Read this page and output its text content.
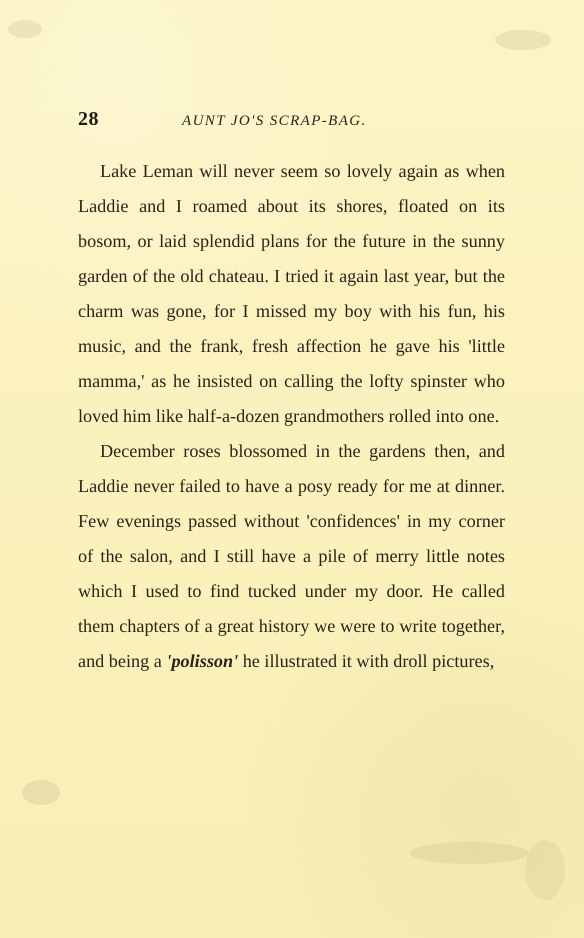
28	AUNT JO'S SCRAP-BAG.

Lake Leman will never seem so lovely again as when Laddie and I roamed about its shores, floated on its bosom, or laid splendid plans for the future in the sunny garden of the old chateau. I tried it again last year, but the charm was gone, for I missed my boy with his fun, his music, and the frank, fresh affection he gave his 'little mamma,' as he insisted on calling the lofty spinster who loved him like half-a-dozen grandmothers rolled into one.

December roses blossomed in the gardens then, and Laddie never failed to have a posy ready for me at dinner. Few evenings passed without 'confidences' in my corner of the salon, and I still have a pile of merry little notes which I used to find tucked under my door. He called them chapters of a great history we were to write together, and being a 'polisson' he illustrated it with droll pictures,
